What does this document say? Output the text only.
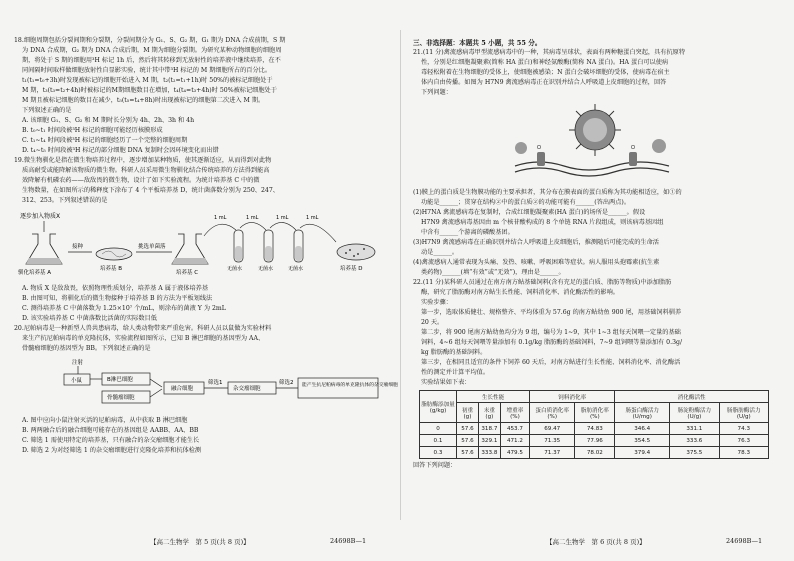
18.细胞周期包括分裂间期和分裂期，分裂间期分为 G₁、S、G₂ 期，G₁ 期为 DNA 合成前期，S 期

为 DNA 合成期，G₂ 期为 DNA 合成后期，M 期为细胞分裂期。为研究某种动物细胞的细胞周

期，将处于 S 期的细胞用³H 标记 1h 后，然后将其转移到无放射性的培养液中继续培养，在不

同间隔时间取样做细胞放射性自显影实验，统计其中带³H 标记的 M 期细胞所占的百分比。

t₁(t₁=t₀+3h)时发现被标记的细胞开始进入 M 期，t₂(t₂=t₁+1h)时 50%的被标记细胞处于

M 期，t₃(t₃=t₂+4h)时被标记的M期细胞数目在增加，t₄(t₄=t₃+4h)时 50%被标记细胞处于

M 期且被标记细胞的数目在减少，t₅(t₅=t₄+8h)时出现被标记的细胞第二次进入 M 期。

下列叙述正确的是

A. 该细胞 G₁、S、G₂ 和 M 期时长分别为 4h、2h、3h 和 4h

B. t₀~t₁ 时间段被³H 标记的细胞可能经历核膜形成

C. t₁~t₄ 时间段被³H 标记的细胞经历了一个完整的细胞周期

D. t₄~t₅ 时间段被³H 标记的部分细胞 DNA 复制时会因环境变化而出错

19.微生物驯化是指在微生物培养过程中，逐步增加某种物质，使其逐渐适应，从而得到对此物

质高耐受或能降解该物质的微生物。科研人员采用微生物驯化结合传统培养的方法得到能高

效降解有机磷农药——敌敌畏的微生物，设计了如下实验流程。为统计培养基 C 中的微

生物数量，在如图所示的稀释度下涂布了 4 个平板培养基 D，统计菌落数分别为 250、247、

312、253。下列叙述错误的是

逐步加入物质X
驯化培养基 A
接种
培养基 B
挑选单菌落
培养基 C
1 mL	1 mL	1 mL	1 mL
无菌水	无菌水	无菌水	培养基 D

A. 物质 X 是敌敌畏，依照物理性质划分，培养基 A 属于液体培养基

B. 由图可知，将驯化后的微生物接种于培养基 B 的方法为平板划线法

C. 测得培养基 C 中菌落数为 1.25×10⁷ 个/mL，则涂布的菌液 Y 为 2mL

D. 该实验培养基 C 中菌落数比活菌的实际数目低

20.尼帕病毒是一种新型人兽共患病毒，给人类动物带来严重危害。科研人员以鼠做为实验材料

来生产抗尼帕病毒的单克隆抗体，实验流程如图所示，已知 B 淋巴细胞的基因型为 AA、

骨髓瘤细胞的基因型为 BB。下列叙述正确的是

注射
小鼠	B淋巴细胞
骨髓瘤细胞
融合细胞
筛选1
杂交瘤细胞
筛选2 能产生抗尼帕病毒的单克隆抗体的杂交瘤细胞

A. 图中应向小鼠注射灭活的尼帕病毒，从中获取 B 淋巴细胞

B. 两两融合后的融合细胞可能存在的基因组是 AABB、AA、BB

C. 筛选 1 需使用特定的培养基，只有融合的杂交瘤细胞才能生长

D. 筛选 2 为对经筛选 1 的杂交瘤细胞进行克隆化培养和抗体检测

三、非选择题：本题共 5 小题，共 55 分。

21.(11 分)禽流感病毒甲型流感病毒中的一种，其病毒呈球状，表面有两种糖蛋白突起，具有抗原特

性，分别是红细胞凝聚素(简称 HA 蛋白)和神经氨酸酶(简称 NA 蛋白)。HA 蛋白可以使病

毒轻松附着在生物细胞的受体上，使细胞被感染；N 蛋白会破坏细胞的受体，使病毒在宿主

体内自由传播。如图为 H7N9 禽流感病毒正在识别并结合人呼吸道上皮细胞的过程，回答

下列问题：

(1)膜上的蛋白质是生物膜功能的主要承担者，其分布在膜表面的蛋白质称为其功能相适应，如①的

功能是______；贯穿在结构②中的蛋白质②的功能可能有______(答出两点)。

(2)H7NA 禽流感病毒在复制时，合成红细胞凝聚素(HA 蛋白)的场所是______。假设

H7N9 禽流感病毒基因由 m 个核苷酸构成的 8 个单链 RNA 片段组成，则该病毒基因组

中含有______个游离的磷酸基团。

(3)H7N9 禽流感病毒在正确识别并结合人呼吸道上皮细胞后，推测随后可能完成的生命活

动是______。

(4)禽流感病人通常表现为头痛、发热、咳嗽、呼吸困难等症状。病人服用头孢霉素(抗生素

类药物)______(填“有效”或“无效”)，理由是______。

22.(11 分)某科研人员通过在南方南方鲇基础饲料(含有充足的蛋白质、脂肪等物质)中添加脂肪

酶，研究了脂肪酶对南方鲇生长性能、饲料消化率、消化酶活性的影响。

实验步骤：

第一步，选取体质健壮、规格整齐、平均体重为 57.6g 的南方鲇幼鱼 900 尾，用基础饲料驯养

20 天。

第二步，将 900 尾南方鲇幼鱼均分为 9 组，编号为 1~9，其中 1~3 组每天饲喂一定量的基础

饲料，4~6 组每天饲喂等量添加有 0.1g/kg 脂肪酶的基础饲料，7~9 组饲喂等量添加有 0.3g/

kg 脂肪酶的基础饲料。

第三步，在相同且适宜的条件下饲养 60 天后，对南方鲇进行生长性能、饲料消化率、消化酶活

性的测定并计算平均值。

实验结果如下表：

脂肪酶添加量(g/kg)	生长性能			饲料消化率		消化酶活性		
	初重(g)	末重(g)	增重率(%)	蛋白质消化率(%)	脂肪消化率(%)	肠蛋白酶活力(U/mg)	肠淀粉酶活力(U/g)	肠脂肪酶活力(U/g)
0	57.6	318.7	453.7	69.47	74.83	346.4	331.1	74.3
0.1	57.6	329.1	471.2	71.35	77.96	354.5	333.6	76.3
0.3	57.6	333.8	479.5	71.37	78.02	379.4	375.5	78.3

回答下列问题：

【高二生物学　第 5 页(共 8 页)】	24698B—1	【高二生物学　第 6 页(共 8 页)】	24698B—1
